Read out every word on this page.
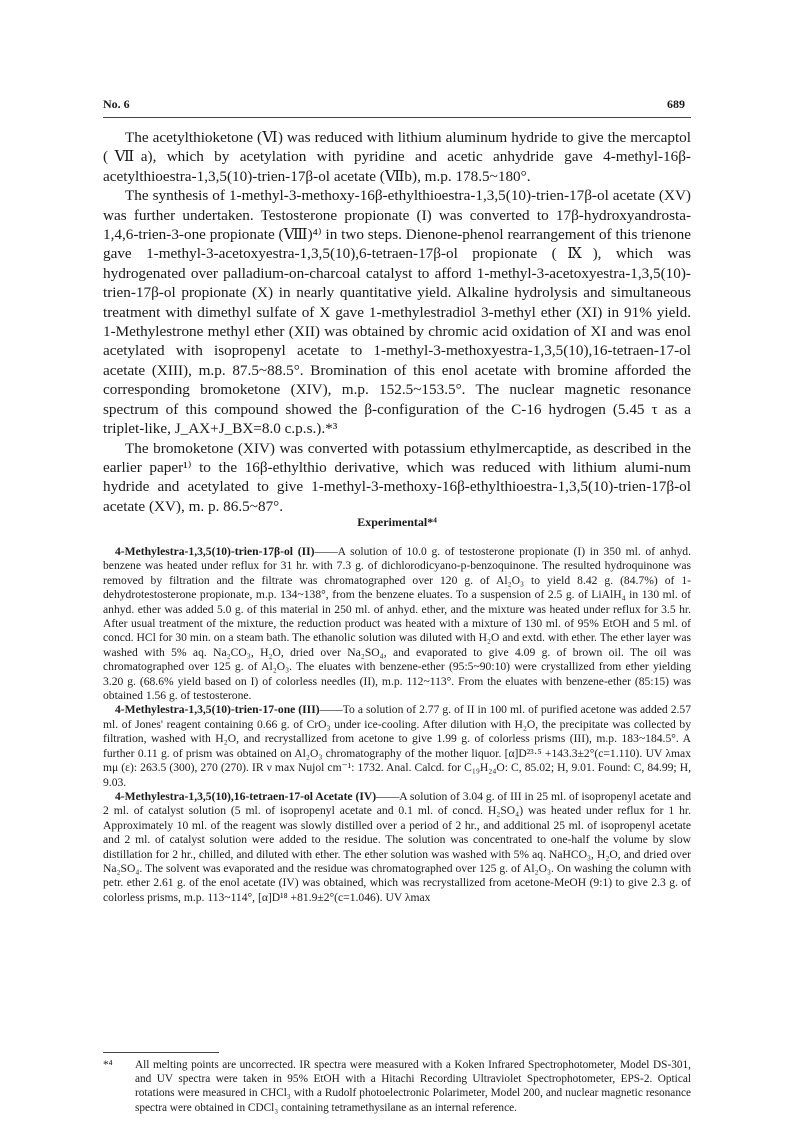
No. 6	689

The acetylthioketone (Ⅵ) was reduced with lithium aluminum hydride to give the mercaptol (Ⅶa), which by acetylation with pyridine and acetic anhydride gave 4-methyl-16β-acetylthioestra-1,3,5(10)-trien-17β-ol acetate (Ⅶb), m.p. 178.5~180°.

The synthesis of 1-methyl-3-methoxy-16β-ethylthioestra-1,3,5(10)-trien-17β-ol acetate (XV) was further undertaken. Testosterone propionate (I) was converted to 17β-hydroxyandrosta-1,4,6-trien-3-one propionate (Ⅷ)⁴⁾ in two steps. Dienone-phenol rearrangement of this trienone gave 1-methyl-3-acetoxyestra-1,3,5(10),6-tetraen-17β-ol propionate (Ⅸ), which was hydrogenated over palladium-on-charcoal catalyst to afford 1-methyl-3-acetoxyestra-1,3,5(10)-trien-17β-ol propionate (X) in nearly quantitative yield. Alkaline hydrolysis and simultaneous treatment with dimethyl sulfate of X gave 1-methylestradiol 3-methyl ether (XI) in 91% yield. 1-Methylestrone methyl ether (XII) was obtained by chromic acid oxidation of XI and was enol acetylated with isopropenyl acetate to 1-methyl-3-methoxyestra-1,3,5(10),16-tetraen-17-ol acetate (XIII), m.p. 87.5~88.5°. Bromination of this enol acetate with bromine afforded the corresponding bromoketone (XIV), m.p. 152.5~153.5°. The nuclear magnetic resonance spectrum of this compound showed the β-configuration of the C-16 hydrogen (5.45 τ as a triplet-like, J_AX+J_BX=8.0 c.p.s.).*³

The bromoketone (XIV) was converted with potassium ethylmercaptide, as described in the earlier paper¹⁾ to the 16β-ethylthio derivative, which was reduced with lithium alumi-num hydride and acetylated to give 1-methyl-3-methoxy-16β-ethylthioestra-1,3,5(10)-trien-17β-ol acetate (XV), m. p. 86.5~87°.

Experimental*⁴

4-Methylestra-1,3,5(10)-trien-17β-ol (II)——A solution of 10.0 g. of testosterone propionate (I) in 350 ml. of anhyd. benzene was heated under reflux for 31 hr. with 7.3 g. of dichlorodicyano-p-benzoquinone. The resulted hydroquinone was removed by filtration and the filtrate was chromatographed over 120 g. of Al₂O₃ to yield 8.42 g. (84.7%) of 1-dehydrotestosterone propionate, m.p. 134~138°, from the benzene eluates. To a suspension of 2.5 g. of LiAlH₄ in 130 ml. of anhyd. ether was added 5.0 g. of this material in 250 ml. of anhyd. ether, and the mixture was heated under reflux for 3.5 hr. After usual treatment of the mixture, the reduction product was heated with a mixture of 130 ml. of 95% EtOH and 5 ml. of concd. HCl for 30 min. on a steam bath. The ethanolic solution was diluted with H₂O and extd. with ether. The ether layer was washed with 5% aq. Na₂CO₃, H₂O, dried over Na₂SO₄, and evaporated to give 4.09 g. of brown oil. The oil was chromatographed over 125 g. of Al₂O₃. The eluates with benzene-ether (95:5~90:10) were crystallized from ether yielding 3.20 g. (68.6% yield based on I) of colorless needles (II), m.p. 112~113°. From the eluates with benzene-ether (85:15) was obtained 1.56 g. of testosterone.

4-Methylestra-1,3,5(10)-trien-17-one (III)——To a solution of 2.77 g. of II in 100 ml. of purified acetone was added 2.57 ml. of Jones' reagent containing 0.66 g. of CrO₃ under ice-cooling. After dilution with H₂O, the precipitate was collected by filtration, washed with H₂O, and recrystallized from acetone to give 1.99 g. of colorless prisms (III), m.p. 183~184.5°. A further 0.11 g. of prism was obtained on Al₂O₃ chromatography of the mother liquor. [α]D²³·⁵ +143.3±2°(c=1.110). UV λmax mμ (ε): 263.5 (300), 270 (270). IR ν max Nujol cm⁻¹: 1732. Anal. Calcd. for C₁₉H₂₄O: C, 85.02; H, 9.01. Found: C, 84.99; H, 9.03.

4-Methylestra-1,3,5(10),16-tetraen-17-ol Acetate (IV)——A solution of 3.04 g. of III in 25 ml. of isopropenyl acetate and 2 ml. of catalyst solution (5 ml. of isopropenyl acetate and 0.1 ml. of concd. H₂SO₄) was heated under reflux for 1 hr. Approximately 10 ml. of the reagent was slowly distilled over a period of 2 hr., and additional 25 ml. of isopropenyl acetate and 2 ml. of catalyst solution were added to the residue. The solution was concentrated to one-half the volume by slow distillation for 2 hr., chilled, and diluted with ether. The ether solution was washed with 5% aq. NaHCO₃, H₂O, and dried over Na₂SO₄. The solvent was evaporated and the residue was chromatographed over 125 g. of Al₂O₃. On washing the column with petr. ether 2.61 g. of the enol acetate (IV) was obtained, which was recrystallized from acetone-MeOH (9:1) to give 2.3 g. of colorless prisms, m.p. 113~114°, [α]D¹⁸ +81.9±2°(c=1.046). UV λmax

*⁴ All melting points are uncorrected. IR spectra were measured with a Koken Infrared Spectrophotometer, Model DS-301, and UV spectra were taken in 95% EtOH with a Hitachi Recording Ultraviolet Spectrophotometer, EPS-2. Optical rotations were measured in CHCl₃ with a Rudolf photoelectronic Polarimeter, Model 200, and nuclear magnetic resonance spectra were obtained in CDCl₃ containing tetramethysilane as an internal reference.
